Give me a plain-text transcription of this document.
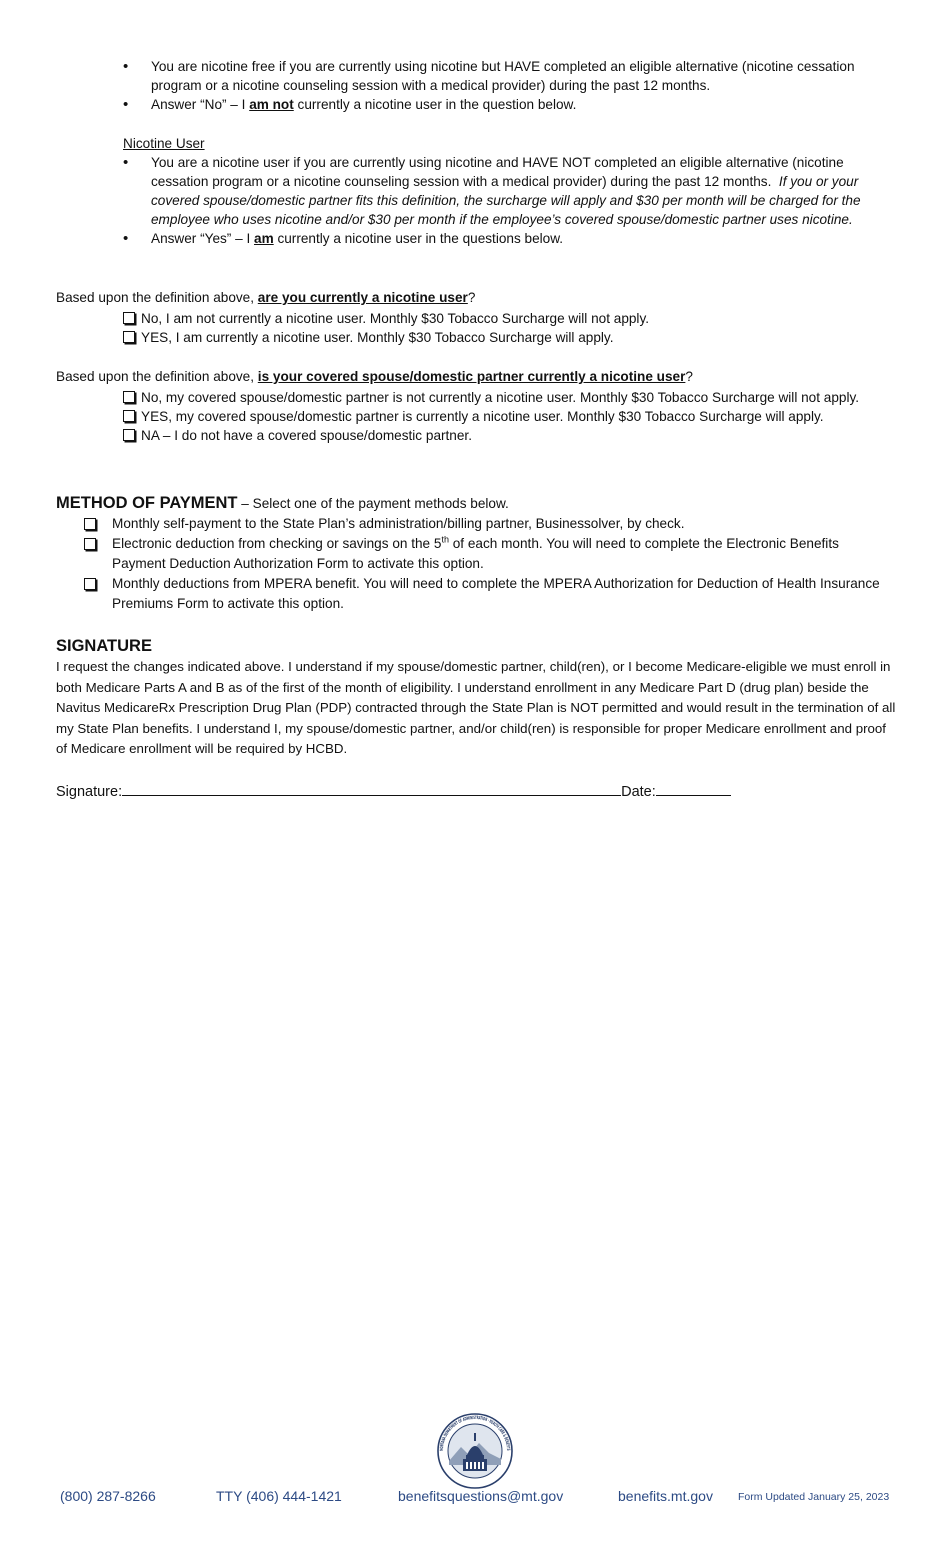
• You are nicotine free if you are currently using nicotine but HAVE completed an eligible alternative (nicotine cessation program or a nicotine counseling session with a medical provider) during the past 12 months.
• Answer “No” – I am not currently a nicotine user in the question below.
Nicotine User
• You are a nicotine user if you are currently using nicotine and HAVE NOT completed an eligible alternative (nicotine cessation program or a nicotine counseling session with a medical provider) during the past 12 months. If you or your covered spouse/domestic partner fits this definition, the surcharge will apply and $30 per month will be charged for the employee who uses nicotine and/or $30 per month if the employee’s covered spouse/domestic partner uses nicotine.
• Answer “Yes” – I am currently a nicotine user in the questions below.
Based upon the definition above, are you currently a nicotine user?
No, I am not currently a nicotine user. Monthly $30 Tobacco Surcharge will not apply.
YES, I am currently a nicotine user. Monthly $30 Tobacco Surcharge will apply.
Based upon the definition above, is your covered spouse/domestic partner currently a nicotine user?
No, my covered spouse/domestic partner is not currently a nicotine user. Monthly $30 Tobacco Surcharge will not apply.
YES, my covered spouse/domestic partner is currently a nicotine user. Monthly $30 Tobacco Surcharge will apply.
NA – I do not have a covered spouse/domestic partner.
METHOD OF PAYMENT – Select one of the payment methods below.
Monthly self-payment to the State Plan’s administration/billing partner, Businessolver, by check.
Electronic deduction from checking or savings on the 5th of each month. You will need to complete the Electronic Benefits Payment Deduction Authorization Form to activate this option.
Monthly deductions from MPERA benefit. You will need to complete the MPERA Authorization for Deduction of Health Insurance Premiums Form to activate this option.
SIGNATURE
I request the changes indicated above. I understand if my spouse/domestic partner, child(ren), or I become Medicare-eligible we must enroll in both Medicare Parts A and B as of the first of the month of eligibility. I understand enrollment in any Medicare Part D (drug plan) beside the Navitus MedicareRx Prescription Drug Plan (PDP) contracted through the State Plan is NOT permitted and would result in the termination of all my State Plan benefits. I understand I, my spouse/domestic partner, and/or child(ren) is responsible for proper Medicare enrollment and proof of Medicare enrollment will be required by HCBD.
Signature:	Date:
MONTANA DEPARTMENT OF ADMINISTRATION · HEALTH CARE & BENEFITS
(800) 287-8266	TTY (406) 444-1421	benefitsquestions@mt.gov	benefits.mt.gov Form Updated January 25, 2023
